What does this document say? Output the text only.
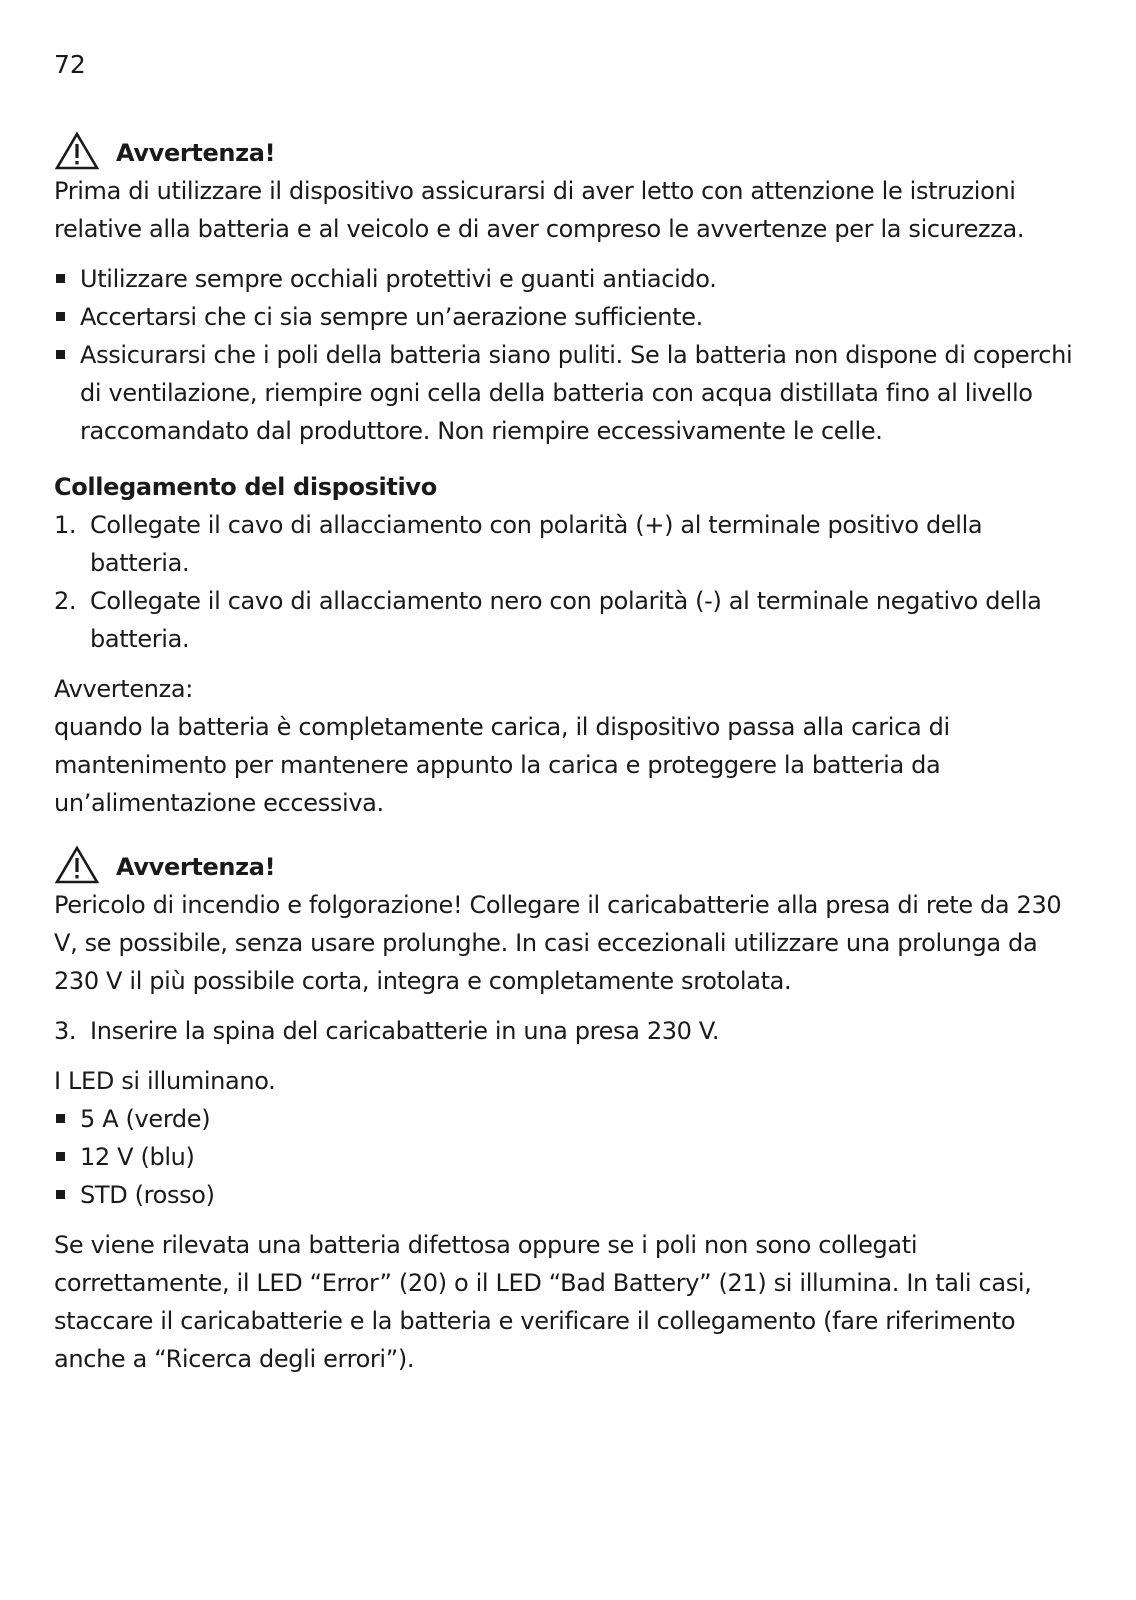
72
Avvertenza!

Prima di utilizzare il dispositivo assicurarsi di aver letto con attenzione le istruzioni relative alla batteria e al veicolo e di aver compreso le avvertenze per la sicurezza.

Utilizzare sempre occhiali protettivi e guanti antiacido.
Accertarsi che ci sia sempre un’aerazione sufficiente.
Assicurarsi che i poli della batteria siano puliti. Se la batteria non dispone di coperchi di ventilazione, riempire ogni cella della batteria con acqua distillata fino al livello raccomandato dal produttore. Non riempire eccessivamente le celle.
Collegamento del dispositivo
1. Collegate il cavo di allacciamento con polarità (+) al terminale positivo della batteria.
2. Collegate il cavo di allacciamento nero con polarità (-) al terminale negativo della batteria.

Avvertenza:

quando la batteria è completamente carica, il dispositivo passa alla carica di mantenimento per mantenere appunto la carica e proteggere la batteria da un’alimentazione eccessiva.

Avvertenza!

Pericolo di incendio e folgorazione! Collegare il caricabatterie alla presa di rete da 230 V, se possibile, senza usare prolunghe. In casi eccezionali utilizzare una prolunga da 230 V il più possibile corta, integra e completamente srotolata.

3. Inserire la spina del caricabatterie in una presa 230 V.

I LED si illuminano.

5 A (verde)
12 V (blu)
STD (rosso)

Se viene rilevata una batteria difettosa oppure se i poli non sono collegati correttamente, il LED “Error” (20) o il LED “Bad Battery” (21) si illumina. In tali casi, staccare il caricabatterie e la batteria e verificare il collegamento (fare riferimento anche a “Ricerca degli errori”).
